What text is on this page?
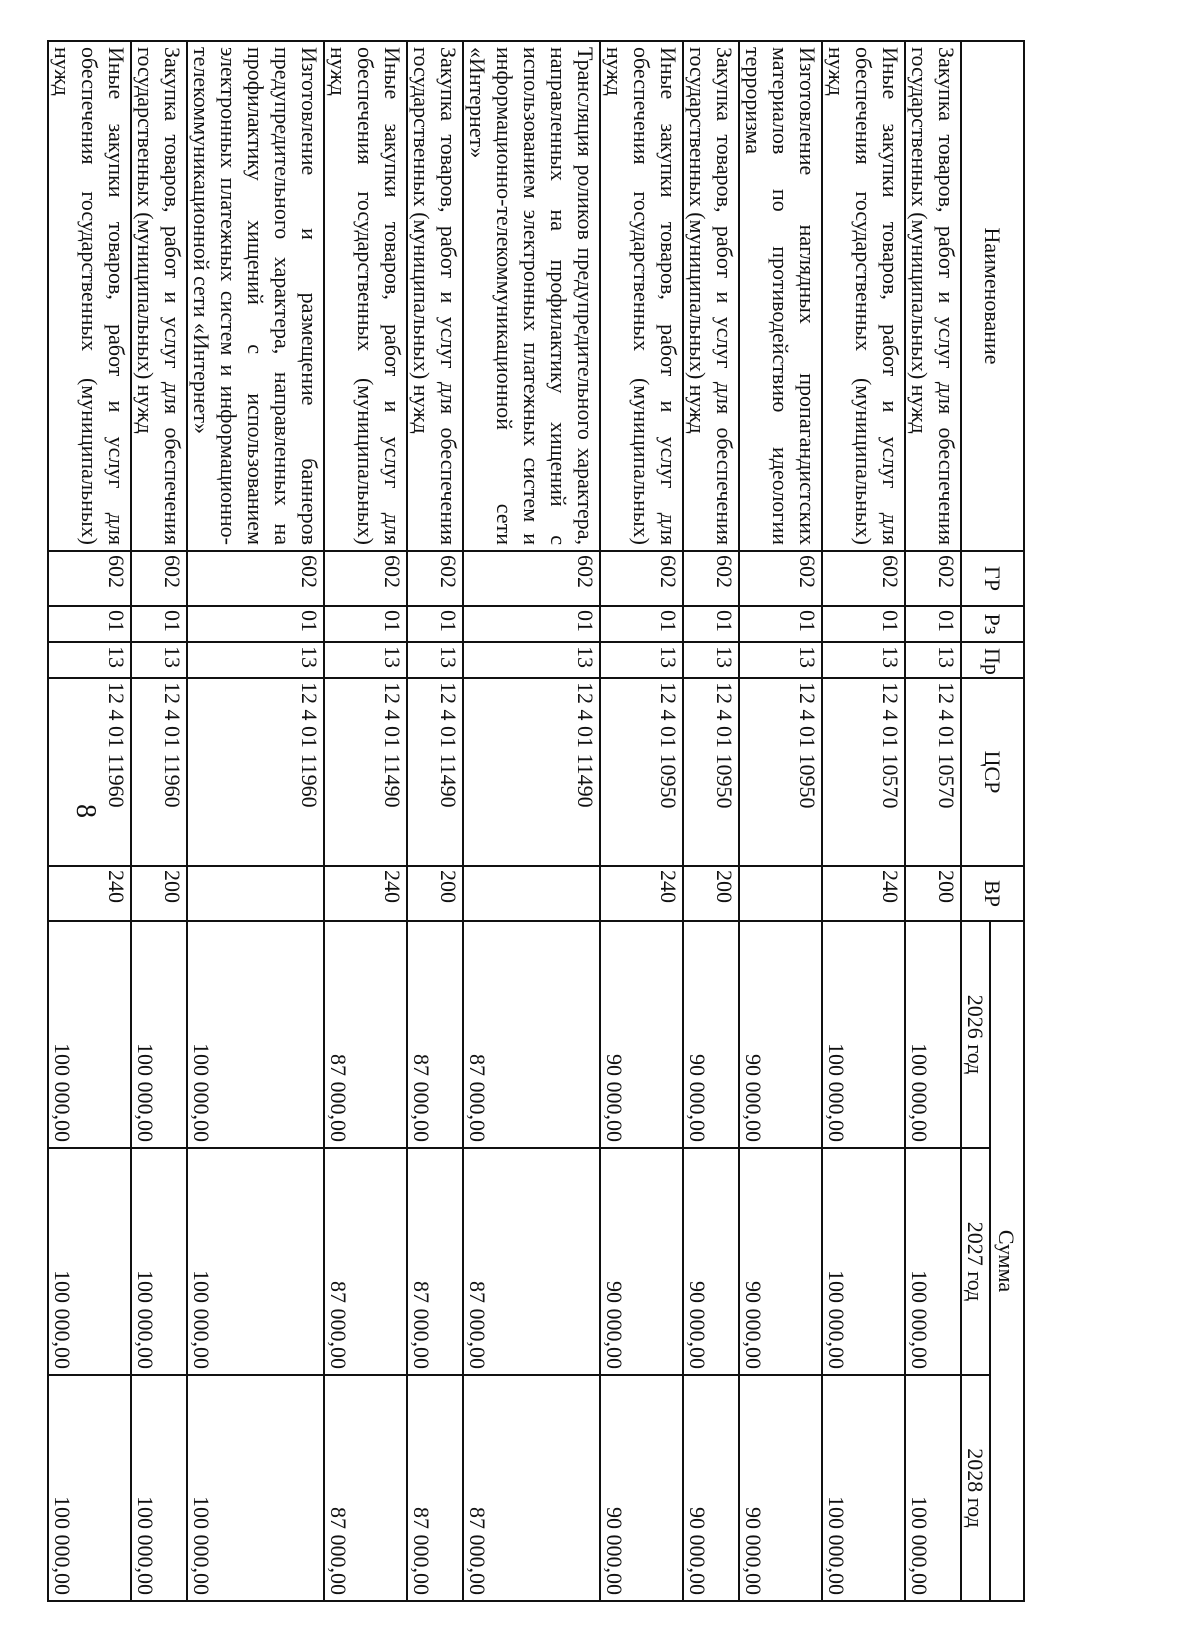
8
Наименование	ГР	Рз	Пр	ЦСР	ВР	Сумма		
						2026 год	2027 год	2028 год
Закупка товаров, работ и услуг для обеспечения государственных (муниципальных) нужд	602	01	13	12 4 01 10570	200	100 000,00	100 000,00	100 000,00
Иные закупки товаров, работ и услуг для обеспечения государственных (муниципальных) нужд	602	01	13	12 4 01 10570	240	100 000,00	100 000,00	100 000,00
Изготовление наглядных пропагандистских материалов по противодействию идеологии терроризма	602	01	13	12 4 01 10950		90 000,00	90 000,00	90 000,00
Закупка товаров, работ и услуг для обеспечения государственных (муниципальных) нужд	602	01	13	12 4 01 10950	200	90 000,00	90 000,00	90 000,00
Иные закупки товаров, работ и услуг для обеспечения государственных (муниципальных) нужд	602	01	13	12 4 01 10950	240	90 000,00	90 000,00	90 000,00
Трансляция роликов предупредительного характера, направленных на профилактику хищений с использованием электронных платежных систем и информационно-телекоммуникационной сети «Интернет»	602	01	13	12 4 01 11490		87 000,00	87 000,00	87 000,00
Закупка товаров, работ и услуг для обеспечения государственных (муниципальных) нужд	602	01	13	12 4 01 11490	200	87 000,00	87 000,00	87 000,00
Иные закупки товаров, работ и услуг для обеспечения государственных (муниципальных) нужд	602	01	13	12 4 01 11490	240	87 000,00	87 000,00	87 000,00
Изготовление и размещение баннеров предупредительного характера, направленных на профилактику хищений с использованием электронных платежных систем и информационно-телекоммуникационной сети «Интернет»	602	01	13	12 4 01 11960		100 000,00	100 000,00	100 000,00
Закупка товаров, работ и услуг для обеспечения государственных (муниципальных) нужд	602	01	13	12 4 01 11960	200	100 000,00	100 000,00	100 000,00
Иные закупки товаров, работ и услуг для обеспечения государственных (муниципальных) нужд	602	01	13	12 4 01 11960	240	100 000,00	100 000,00	100 000,00
